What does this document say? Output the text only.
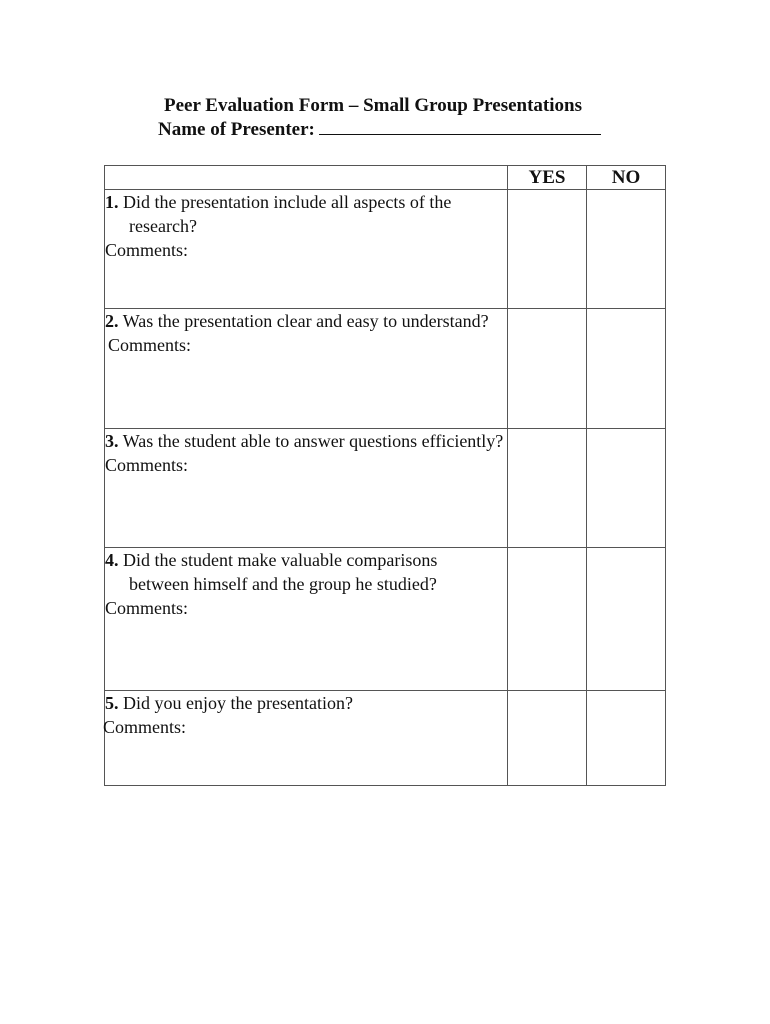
Peer Evaluation Form – Small Group Presentations
Name of Presenter:
	YES	NO

1. Did the presentation include all aspects of the research?
Comments:		

2. Was the presentation clear and easy to understand?
Comments:		

3. Was the student able to answer questions efficiently?
Comments:		

4. Did the student make valuable comparisons between himself and the group he studied?
Comments:		

5. Did you enjoy the presentation?
Comments:		
